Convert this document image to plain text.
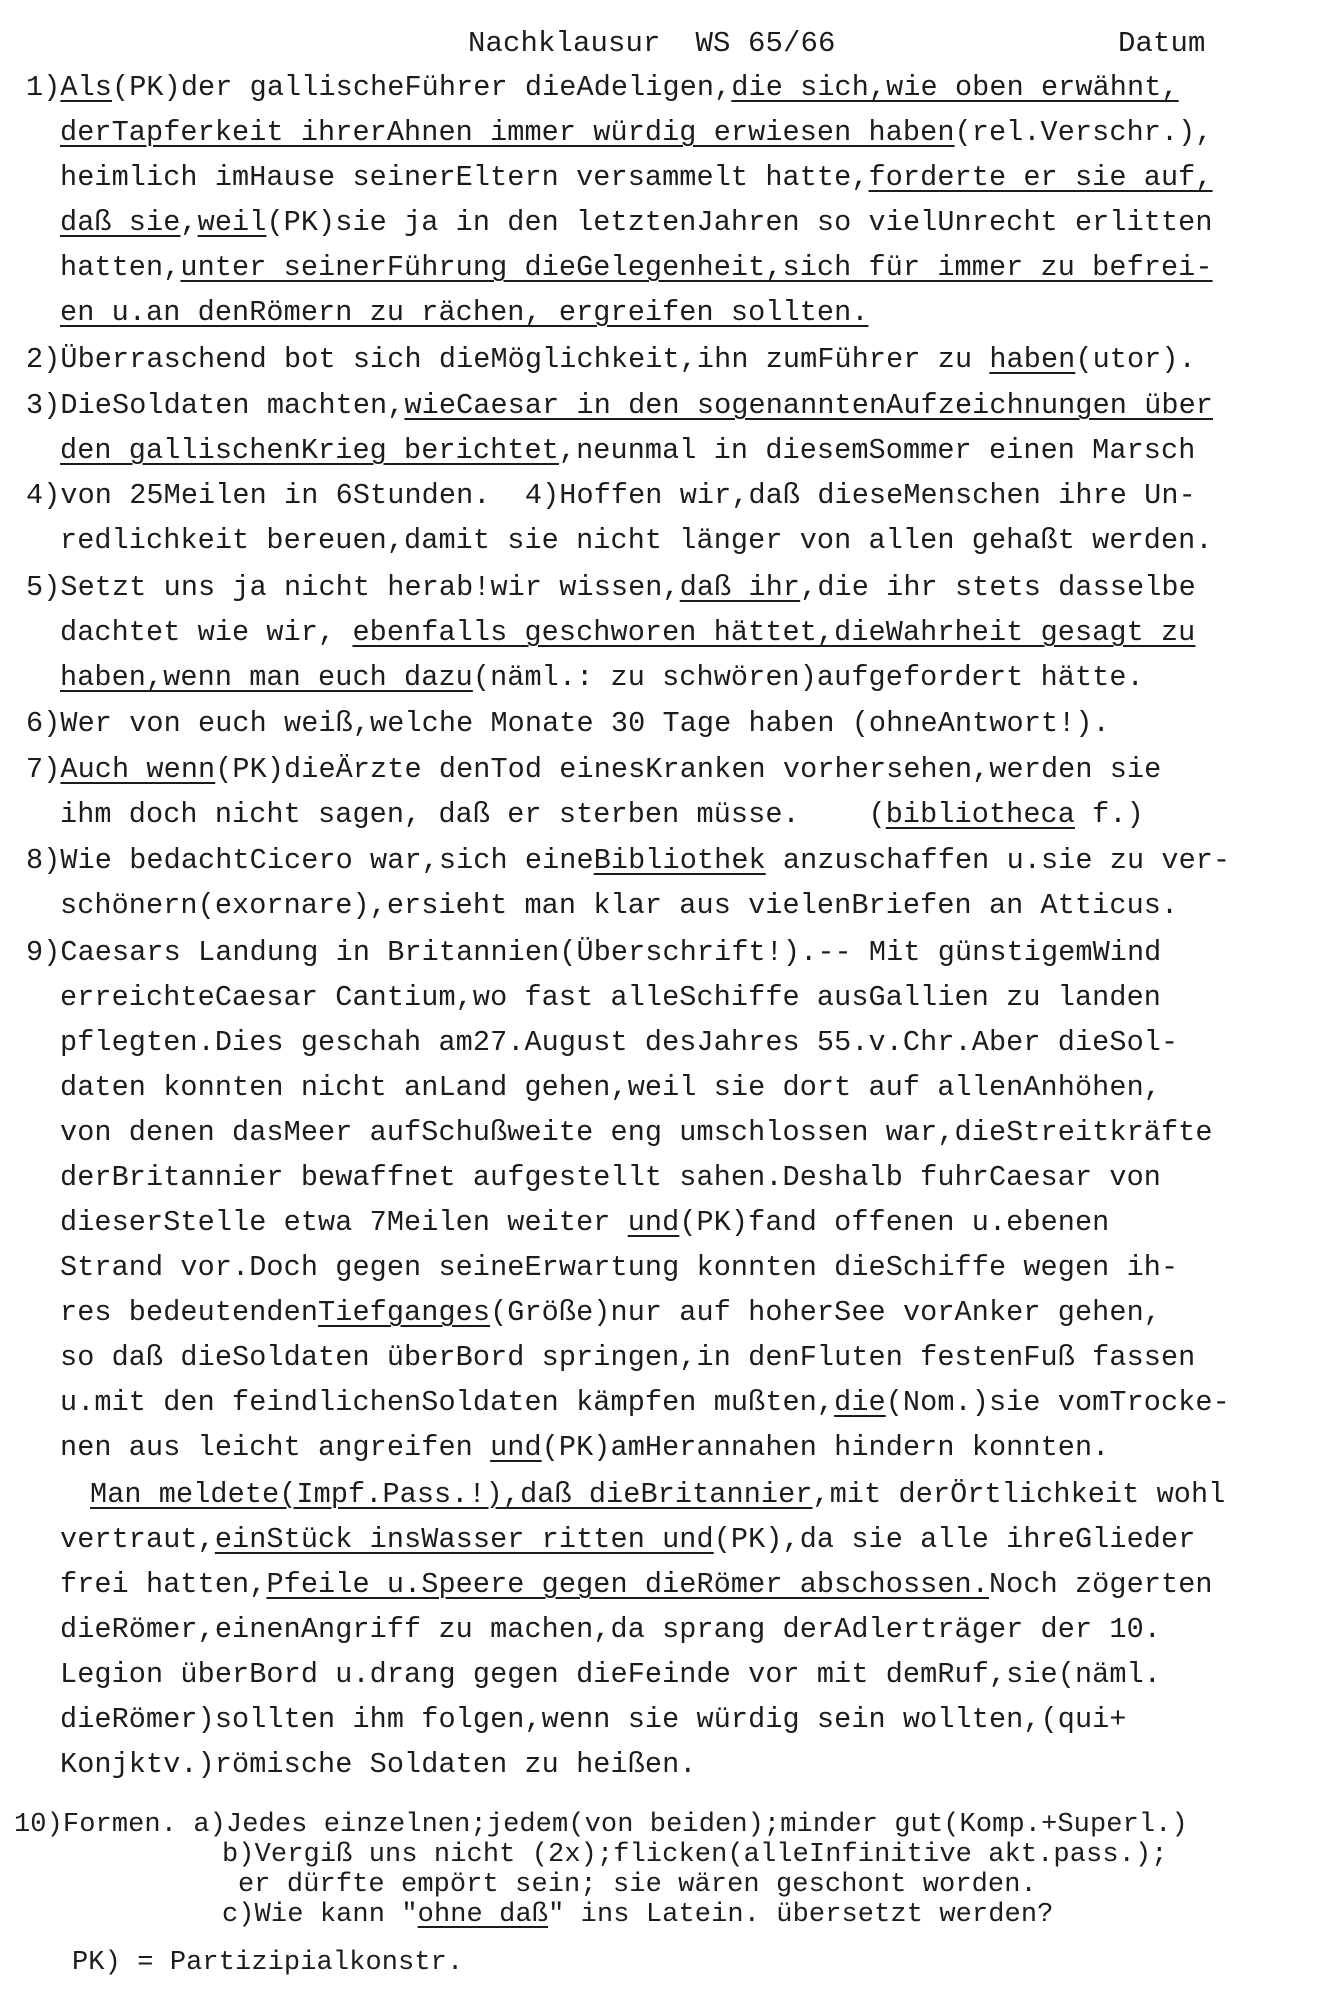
Nachklausur  WS 65/66	Datum
1)Als(PK)der gallischeFührer dieAdeligen,die sich,wie oben erwähnt,
derTapferkeit ihrerAhnen immer würdig erwiesen haben(rel.Verschr.),
heimlich imHause seinerEltern versammelt hatte,forderte er sie auf,
daß sie,weil(PK)sie ja in den letztenJahren so vielUnrecht erlitten
hatten,unter seinerFührung dieGelegenheit,sich für immer zu befrei-
en u.an denRömern zu rächen, ergreifen sollten.
2)Überraschend bot sich dieMöglichkeit,ihn zumFührer zu haben(utor).
3)DieSoldaten machten,wieCaesar in den sogenanntenAufzeichnungen über
den gallischenKrieg berichtet,neunmal in diesemSommer einen Marsch
4)von 25Meilen in 6Stunden.  4)Hoffen wir,daß dieseMenschen ihre Un-
redlichkeit bereuen,damit sie nicht länger von allen gehaßt werden.
5)Setzt uns ja nicht herab!wir wissen,daß ihr,die ihr stets dasselbe
dachtet wie wir, ebenfalls geschworen hättet,dieWahrheit gesagt zu
haben,wenn man euch dazu(näml.: zu schwören)aufgefordert hätte.
6)Wer von euch weiß,welche Monate 30 Tage haben (ohneAntwort!).
7)Auch wenn(PK)dieÄrzte denTod einesKranken vorhersehen,werden sie
ihm doch nicht sagen, daß er sterben müsse.    (bibliotheca f.)
8)Wie bedachtCicero war,sich eineBibliothek anzuschaffen u.sie zu ver-
schönern(exornare),ersieht man klar aus vielenBriefen an Atticus.
9)Caesars Landung in Britannien(Überschrift!).-- Mit günstigemWind
erreichteCaesar Cantium,wo fast alleSchiffe ausGallien zu landen
pflegten.Dies geschah am27.August desJahres 55.v.Chr.Aber dieSol-
daten konnten nicht anLand gehen,weil sie dort auf allenAnhöhen,
von denen dasMeer aufSchußweite eng umschlossen war,dieStreitkräfte
derBritannier bewaffnet aufgestellt sahen.Deshalb fuhrCaesar von
dieserStelle etwa 7Meilen weiter und(PK)fand offenen u.ebenen
Strand vor.Doch gegen seineErwartung konnten dieSchiffe wegen ih-
res bedeutendenTiefganges(Größe)nur auf hoherSee vorAnker gehen,
so daß dieSoldaten überBord springen,in denFluten festenFuß fassen
u.mit den feindlichenSoldaten kämpfen mußten,die(Nom.)sie vomTrocke-
nen aus leicht angreifen und(PK)amHerannahen hindern konnten.
Man meldete(Impf.Pass.!),daß dieBritannier,mit derÖrtlichkeit wohl
vertraut,einStück insWasser ritten und(PK),da sie alle ihreGlieder
frei hatten,Pfeile u.Speere gegen dieRömer abschossen.Noch zögerten
dieRömer,einenAngriff zu machen,da sprang derAdlerträger der 10.
Legion überBord u.drang gegen dieFeinde vor mit demRuf,sie(näml.
dieRömer)sollten ihm folgen,wenn sie würdig sein wollten,(qui+
Konjktv.)römische Soldaten zu heißen.
10)Formen. a)Jedes einzelnen;jedem(von beiden);minder gut(Komp.+Superl.)
b)Vergiß uns nicht (2x);flicken(alleInfinitive akt.pass.);
er dürfte empört sein; sie wären geschont worden.
c)Wie kann "ohne daß" ins Latein. übersetzt werden?
PK) = Partizipialkonstr.
